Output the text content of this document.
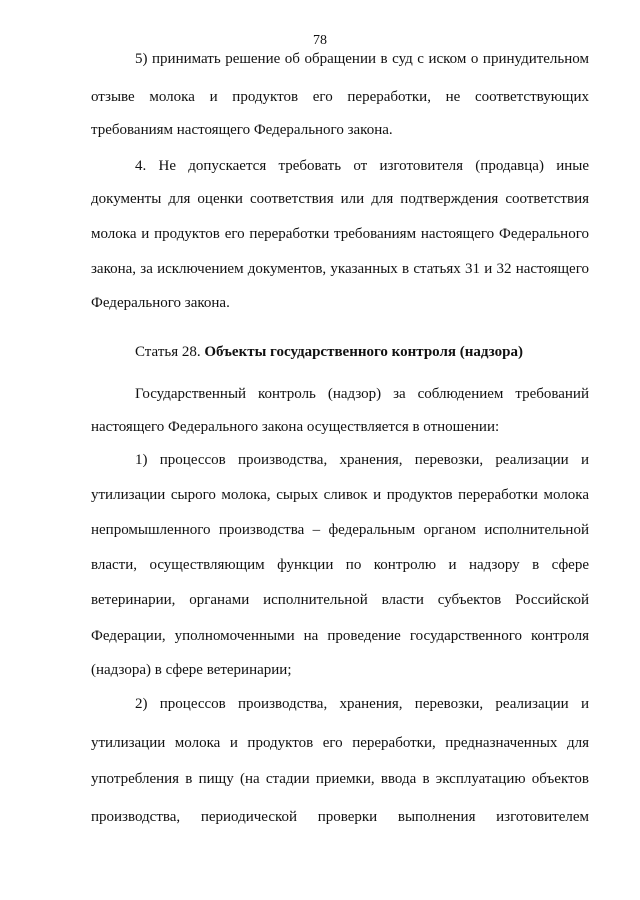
78
5) принимать решение об обращении в суд с иском о принудительном
отзыве молока и продуктов его переработки, не соответствующих
требованиям настоящего Федерального закона.
4. Не допускается требовать от изготовителя (продавца) иные
документы для оценки соответствия или для подтверждения соответствия
молока и продуктов его переработки требованиям настоящего Федерального
закона, за исключением документов, указанных в статьях 31 и 32 настоящего
Федерального закона.
Статья 28. Объекты государственного контроля (надзора)
Государственный контроль (надзор) за соблюдением требований
настоящего Федерального закона осуществляется в отношении:
1) процессов производства, хранения, перевозки, реализации и
утилизации сырого молока, сырых сливок и продуктов переработки молока
непромышленного производства – федеральным органом исполнительной
власти, осуществляющим функции по контролю и надзору в сфере
ветеринарии, органами исполнительной власти субъектов Российской
Федерации, уполномоченными на проведение государственного контроля
(надзора) в сфере ветеринарии;
2) процессов производства, хранения, перевозки, реализации и
утилизации молока и продуктов его переработки, предназначенных для
употребления в пищу (на стадии приемки, ввода в эксплуатацию объектов
производства, периодической проверки выполнения изготовителем
